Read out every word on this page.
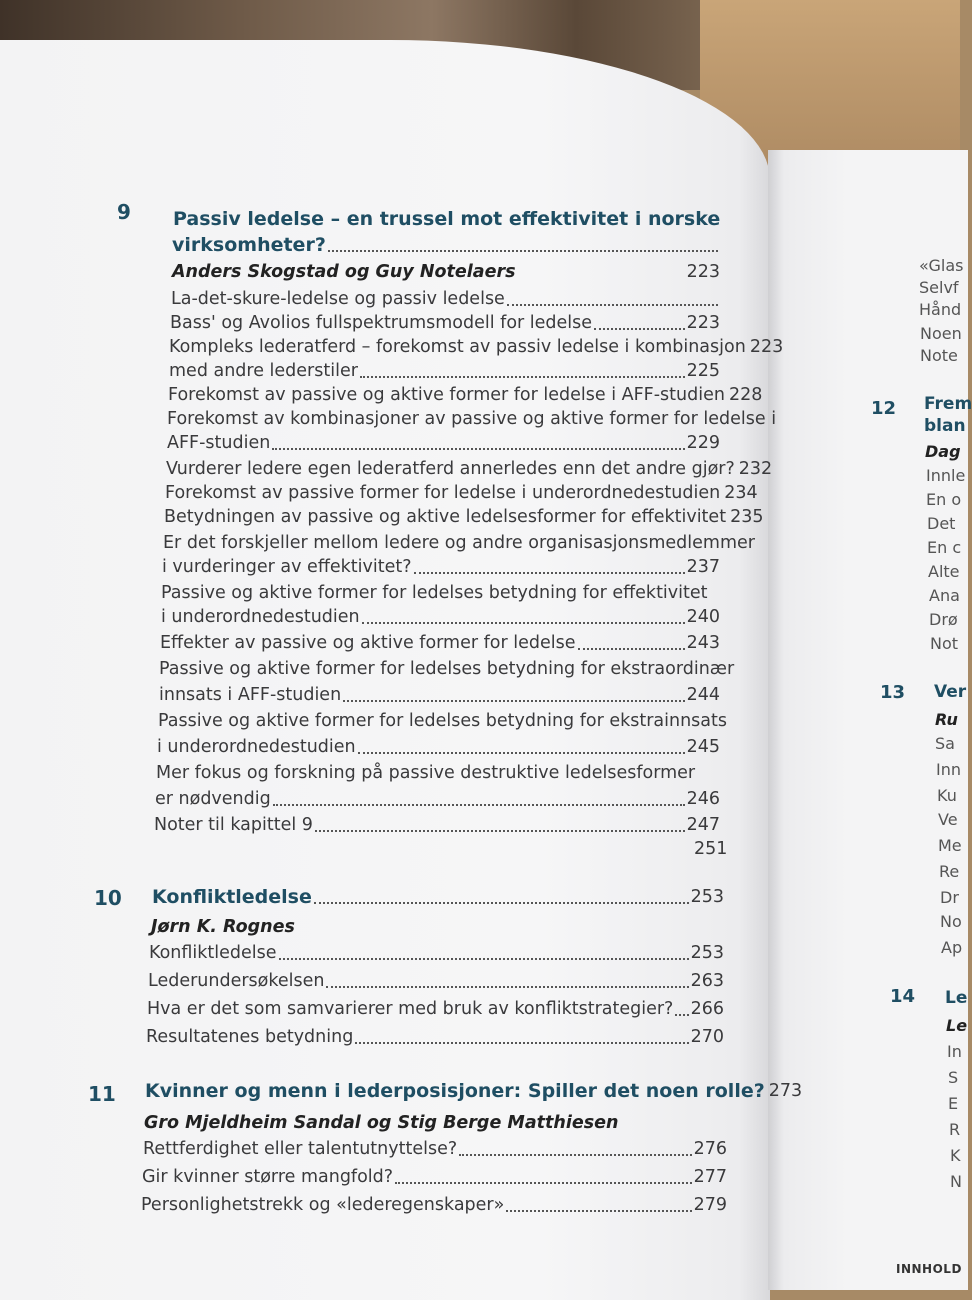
9 Passiv ledelse – en trussel mot effektivitet i norske
virksomheter?
Anders Skogstad og Guy Notelaers	223
La-det-skure-ledelse og passiv ledelse
Bass' og Avolios fullspektrumsmodell for ledelse	223
Kompleks lederatferd – forekomst av passiv ledelse i kombinasjon 223
med andre lederstiler	225
Forekomst av passive og aktive former for ledelse i AFF-studien 228
Forekomst av kombinasjoner av passive og aktive former for ledelse i
AFF-studien	229
Vurderer ledere egen lederatferd annerledes enn det andre gjør? 232
Forekomst av passive former for ledelse i underordnedestudien 234
Betydningen av passive og aktive ledelsesformer for effektivitet 235
Er det forskjeller mellom ledere og andre organisasjonsmedlemmer
i vurderinger av effektivitet?	237
Passive og aktive former for ledelses betydning for effektivitet
i underordnedestudien	240
Effekter av passive og aktive former for ledelse	243
Passive og aktive former for ledelses betydning for ekstraordinær
innsats i AFF-studien	244
Passive og aktive former for ledelses betydning for ekstrainnsats
i underordnedestudien	245
Mer fokus og forskning på passive destruktive ledelsesformer
er nødvendig	246
Noter til kapittel 9	247
251
10 Konfliktledelse	253
Jørn K. Rognes
Konfliktledelse	253
Lederundersøkelsen	263
Hva er det som samvarierer med bruk av konfliktstrategier? 266
Resultatenes betydning	270
11 Kvinner og menn i lederposisjoner: Spiller det noen rolle? 273
Gro Mjeldheim Sandal og Stig Berge Matthiesen
Rettferdighet eller talentutnyttelse?	276
Gir kvinner større mangfold?	277
Personlighetstrekk og «lederegenskaper»	279
«Glas
Selvf
Hånd
Noen
Note
12 Frem
blan
Dag
Innle
En o
Det
En c
Alte
Ana
Drø
Not
13 Ver
Ru
Sa
Inn
Ku
Ve
Me
Re
Dr
No
Ap
14 Le
Le
In
S
E
R
K
N
INNHOLD
